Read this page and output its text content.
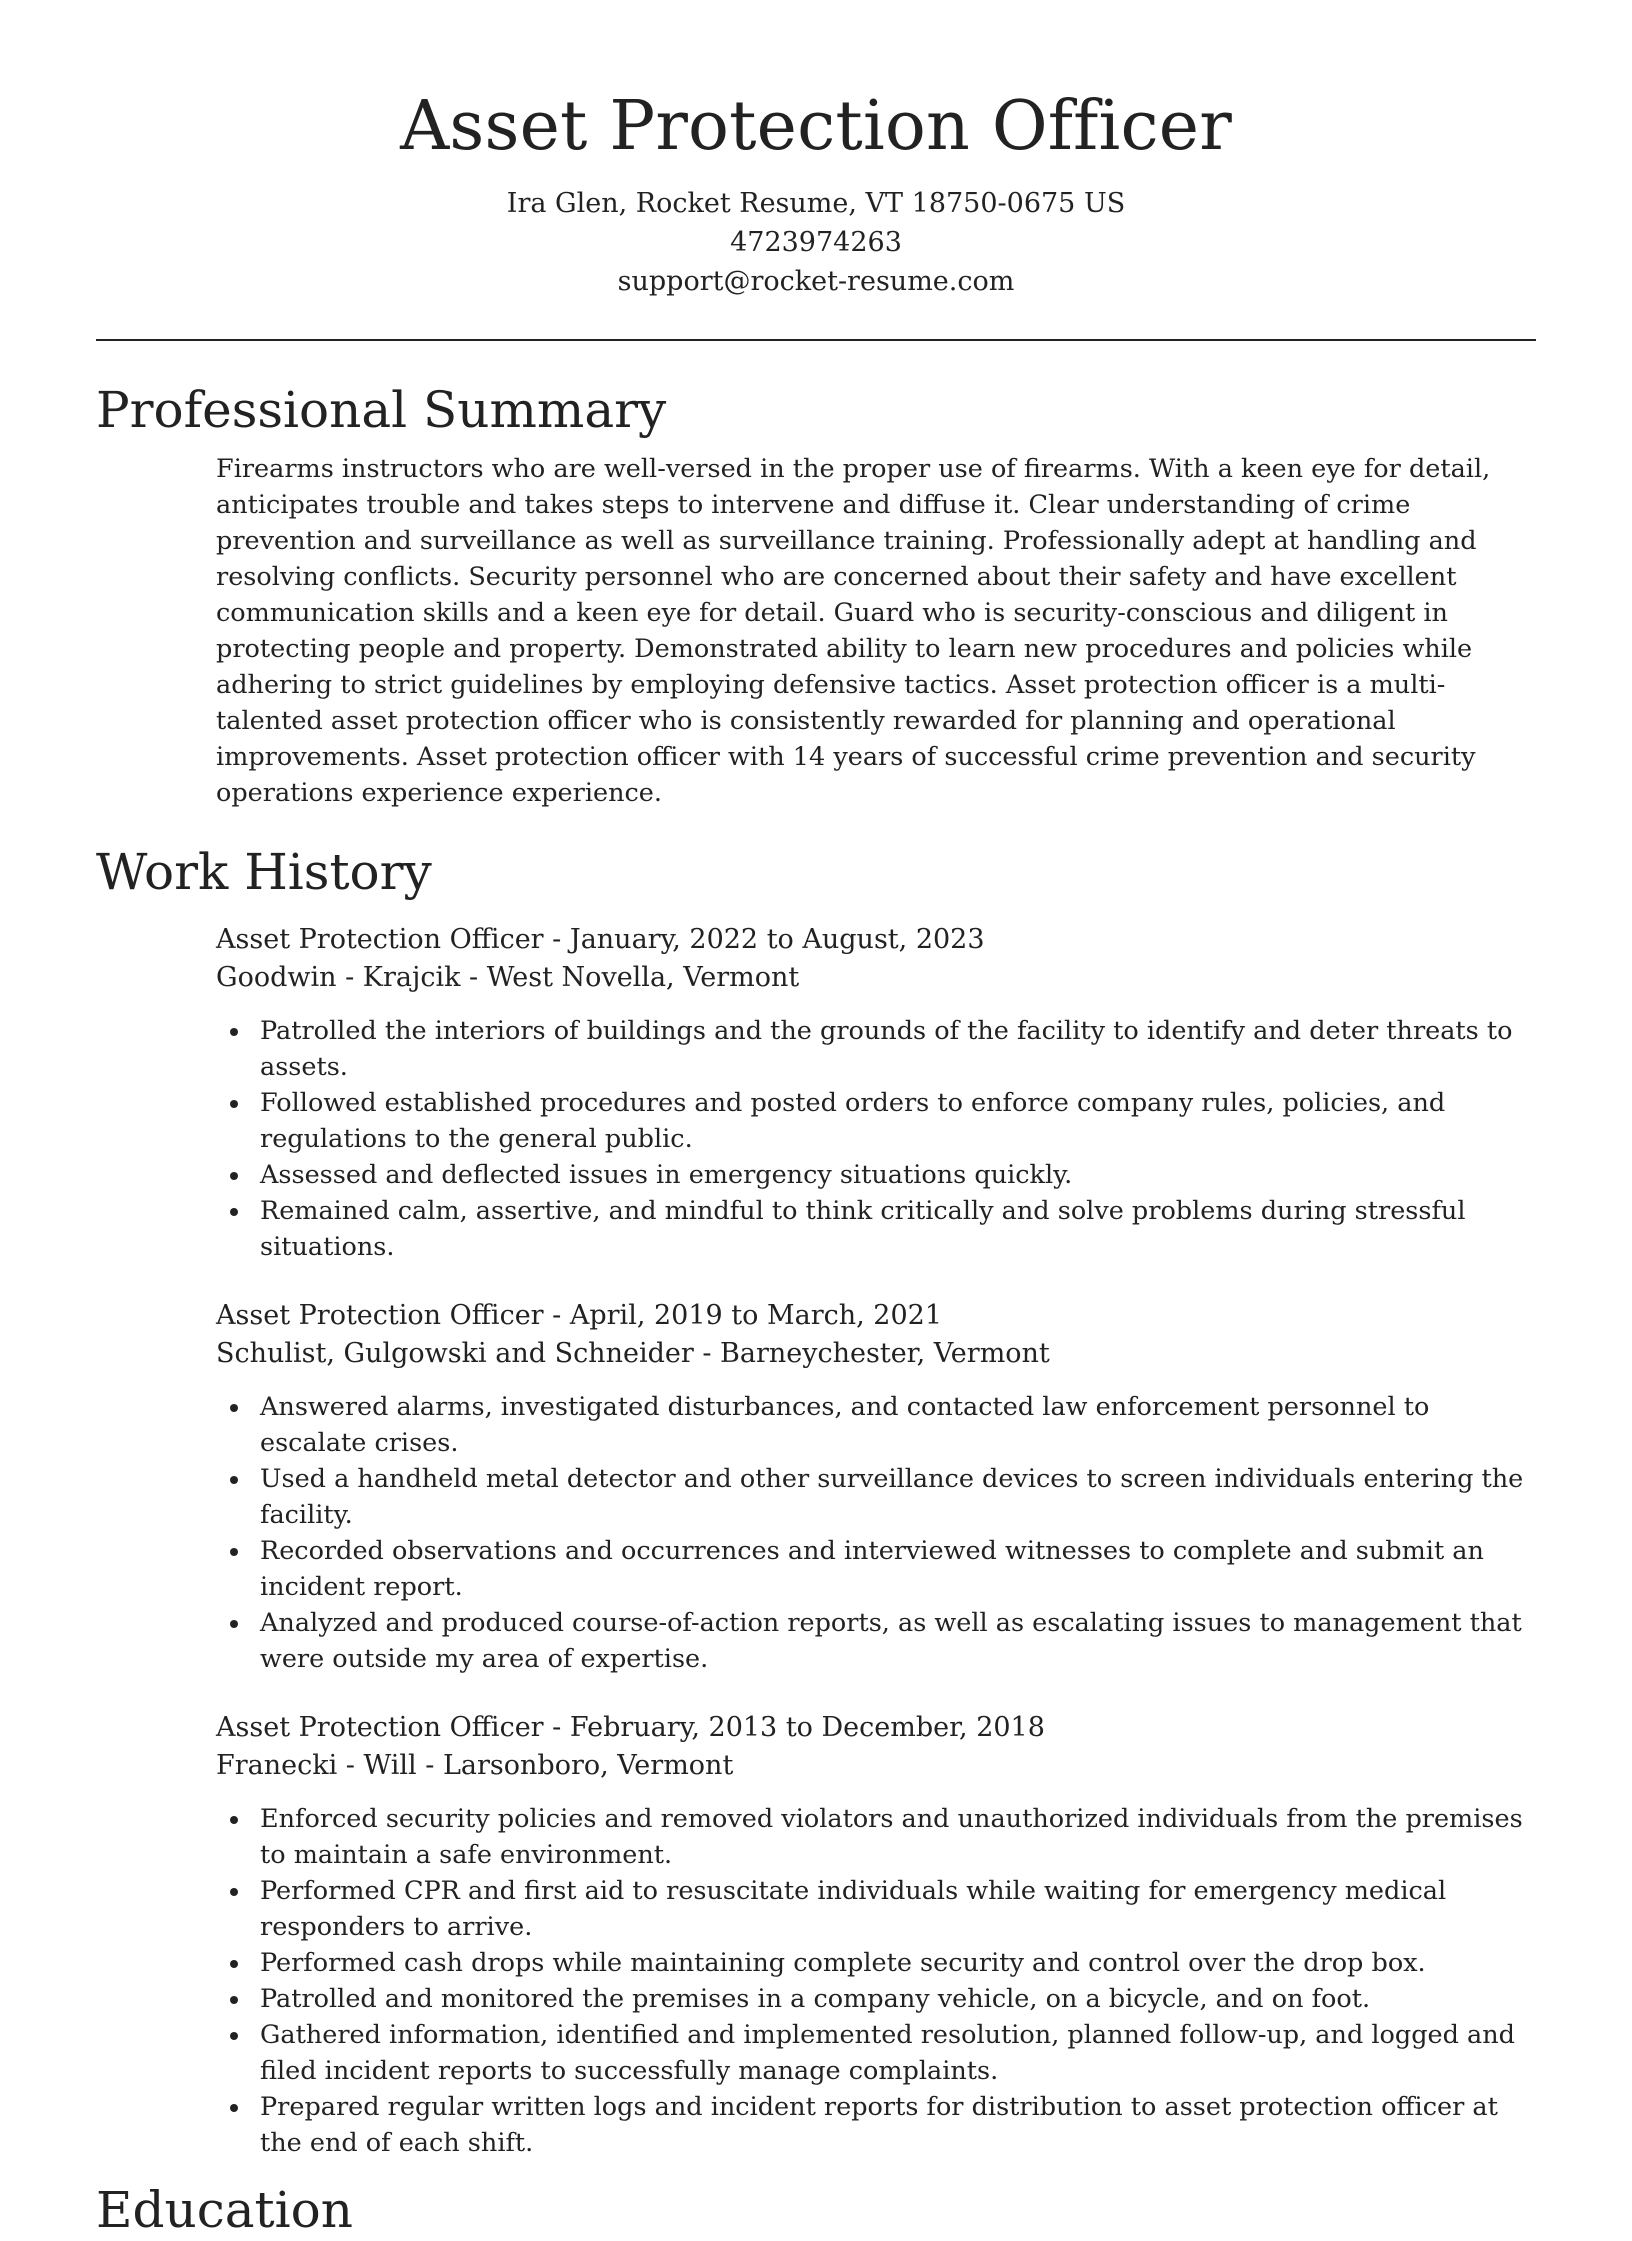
Asset Protection Officer
Ira Glen, Rocket Resume, VT 18750-0675 US
4723974263
support@rocket-resume.com
Professional Summary
Firearms instructors who are well-versed in the proper use of firearms. With a keen eye for detail, anticipates trouble and takes steps to intervene and diffuse it. Clear understanding of crime prevention and surveillance as well as surveillance training. Professionally adept at handling and resolving conflicts. Security personnel who are concerned about their safety and have excellent communication skills and a keen eye for detail. Guard who is security-conscious and diligent in protecting people and property. Demonstrated ability to learn new procedures and policies while adhering to strict guidelines by employing defensive tactics. Asset protection officer is a multi-talented asset protection officer who is consistently rewarded for planning and operational improvements. Asset protection officer with 14 years of successful crime prevention and security operations experience experience.
Work History
Asset Protection Officer - January, 2022 to August, 2023
Goodwin - Krajcik - West Novella, Vermont
Patrolled the interiors of buildings and the grounds of the facility to identify and deter threats to assets.
Followed established procedures and posted orders to enforce company rules, policies, and regulations to the general public.
Assessed and deflected issues in emergency situations quickly.
Remained calm, assertive, and mindful to think critically and solve problems during stressful situations.
Asset Protection Officer - April, 2019 to March, 2021
Schulist, Gulgowski and Schneider - Barneychester, Vermont
Answered alarms, investigated disturbances, and contacted law enforcement personnel to escalate crises.
Used a handheld metal detector and other surveillance devices to screen individuals entering the facility.
Recorded observations and occurrences and interviewed witnesses to complete and submit an incident report.
Analyzed and produced course-of-action reports, as well as escalating issues to management that were outside my area of expertise.
Asset Protection Officer - February, 2013 to December, 2018
Franecki - Will - Larsonboro, Vermont
Enforced security policies and removed violators and unauthorized individuals from the premises to maintain a safe environment.
Performed CPR and first aid to resuscitate individuals while waiting for emergency medical responders to arrive.
Performed cash drops while maintaining complete security and control over the drop box.
Patrolled and monitored the premises in a company vehicle, on a bicycle, and on foot.
Gathered information, identified and implemented resolution, planned follow-up, and logged and filed incident reports to successfully manage complaints.
Prepared regular written logs and incident reports for distribution to asset protection officer at the end of each shift.
Education
